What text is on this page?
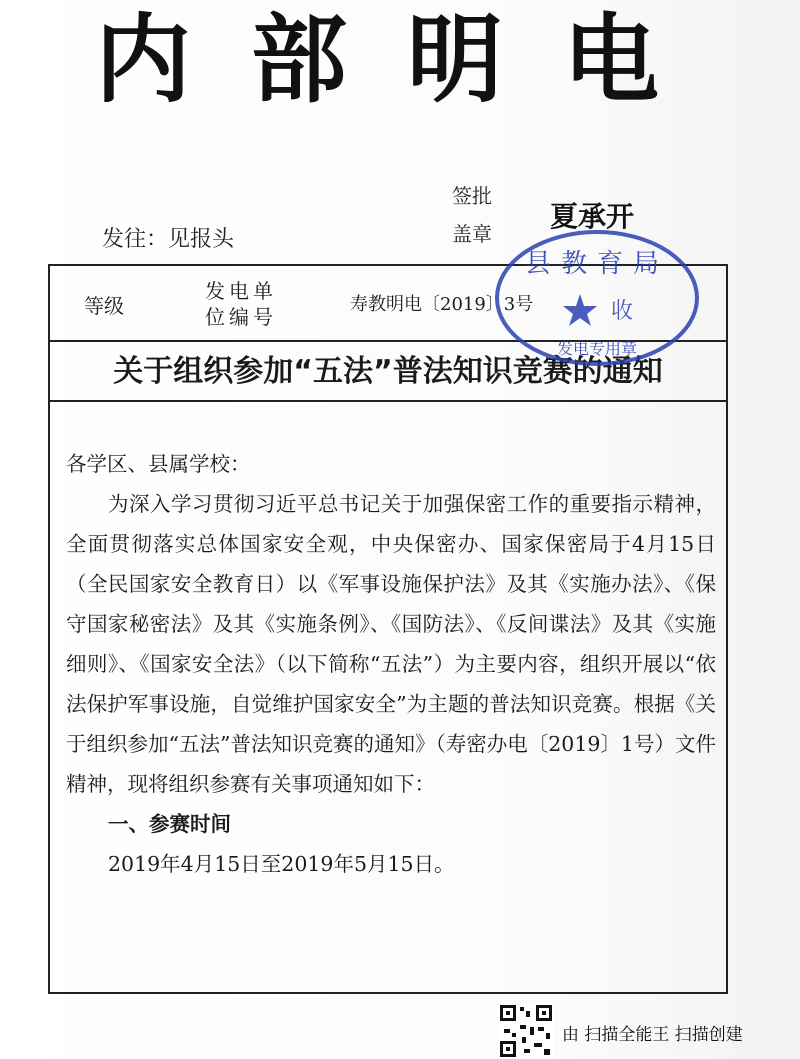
内部明电
签批
盖章
夏承开
发往：见报头
等级
发电单
位编号
寿教明电〔2019〕3号
关于组织参加“五法”普法知识竞赛的通知

各学区、县属学校：

为深入学习贯彻习近平总书记关于加强保密工作的重要指示精神，全面贯彻落实总体国家安全观，中央保密办、国家保密局于4月15日（全民国家安全教育日）以《军事设施保护法》及其《实施办法》、《保守国家秘密法》及其《实施条例》、《国防法》、《反间谍法》及其《实施细则》、《国家安全法》（以下简称“五法”）为主要内容，组织开展以“依法保护军事设施，自觉维护国家安全”为主题的普法知识竞赛。根据《关于组织参加“五法”普法知识竞赛的通知》（寿密办电〔2019〕1号）文件精神，现将组织参赛有关事项通知如下：

一、参赛时间

2019年4月15日至2019年5月15日。

县教育局
收
发电专用章
由 扫描全能王 扫描创建
